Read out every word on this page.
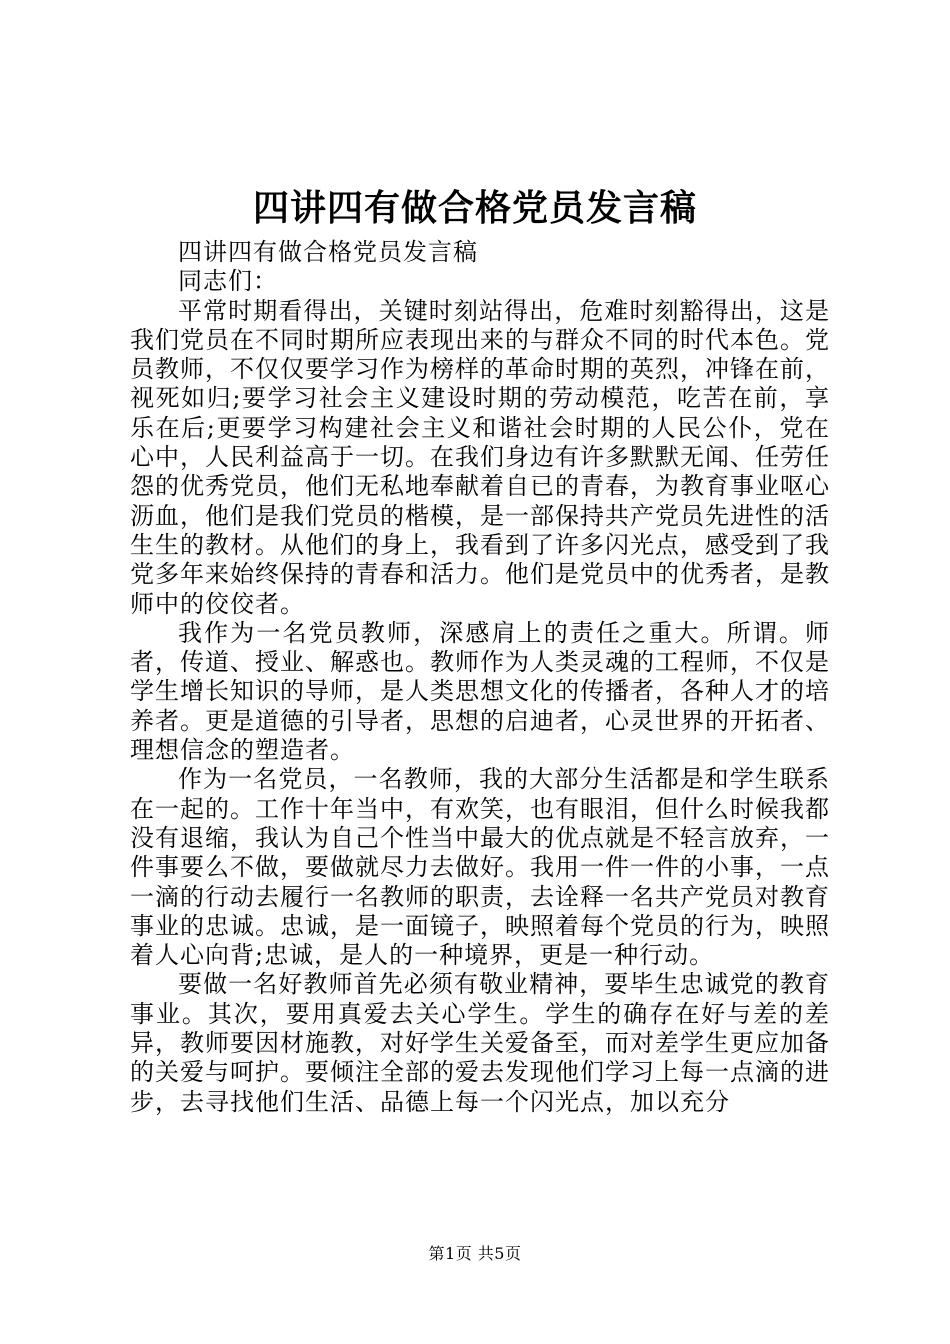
四讲四有做合格党员发言稿

四讲四有做合格党员发言稿

同志们：

平常时期看得出，关键时刻站得出，危难时刻豁得出，这是我们党员在不同时期所应表现出来的与群众不同的时代本色。党员教师，不仅仅要学习作为榜样的革命时期的英烈，冲锋在前，视死如归;要学习社会主义建设时期的劳动模范，吃苦在前，享乐在后;更要学习构建社会主义和谐社会时期的人民公仆，党在心中，人民利益高于一切。在我们身边有许多默默无闻、任劳任怨的优秀党员，他们无私地奉献着自已的青春，为教育事业呕心沥血，他们是我们党员的楷模，是一部保持共产党员先进性的活生生的教材。从他们的身上，我看到了许多闪光点，感受到了我党多年来始终保持的青春和活力。他们是党员中的优秀者，是教师中的佼佼者。

我作为一名党员教师，深感肩上的责任之重大。所谓。师者，传道、授业、解惑也。教师作为人类灵魂的工程师，不仅是学生增长知识的导师，是人类思想文化的传播者，各种人才的培养者。更是道德的引导者，思想的启迪者，心灵世界的开拓者、理想信念的塑造者。

作为一名党员，一名教师，我的大部分生活都是和学生联系在一起的。工作十年当中，有欢笑，也有眼泪，但什么时候我都没有退缩，我认为自己个性当中最大的优点就是不轻言放弃，一件事要么不做，要做就尽力去做好。我用一件一件的小事，一点一滴的行动去履行一名教师的职责，去诠释一名共产党员对教育事业的忠诚。忠诚，是一面镜子，映照着每个党员的行为，映照着人心向背;忠诚，是人的一种境界，更是一种行动。

要做一名好教师首先必须有敬业精神，要毕生忠诚党的教育事业。其次，要用真爱去关心学生。学生的确存在好与差的差异，教师要因材施教，对好学生关爱备至，而对差学生更应加备的关爱与呵护。要倾注全部的爱去发现他们学习上每一点滴的进步，去寻找他们生活、品德上每一个闪光点，加以充分

第1页 共5页
